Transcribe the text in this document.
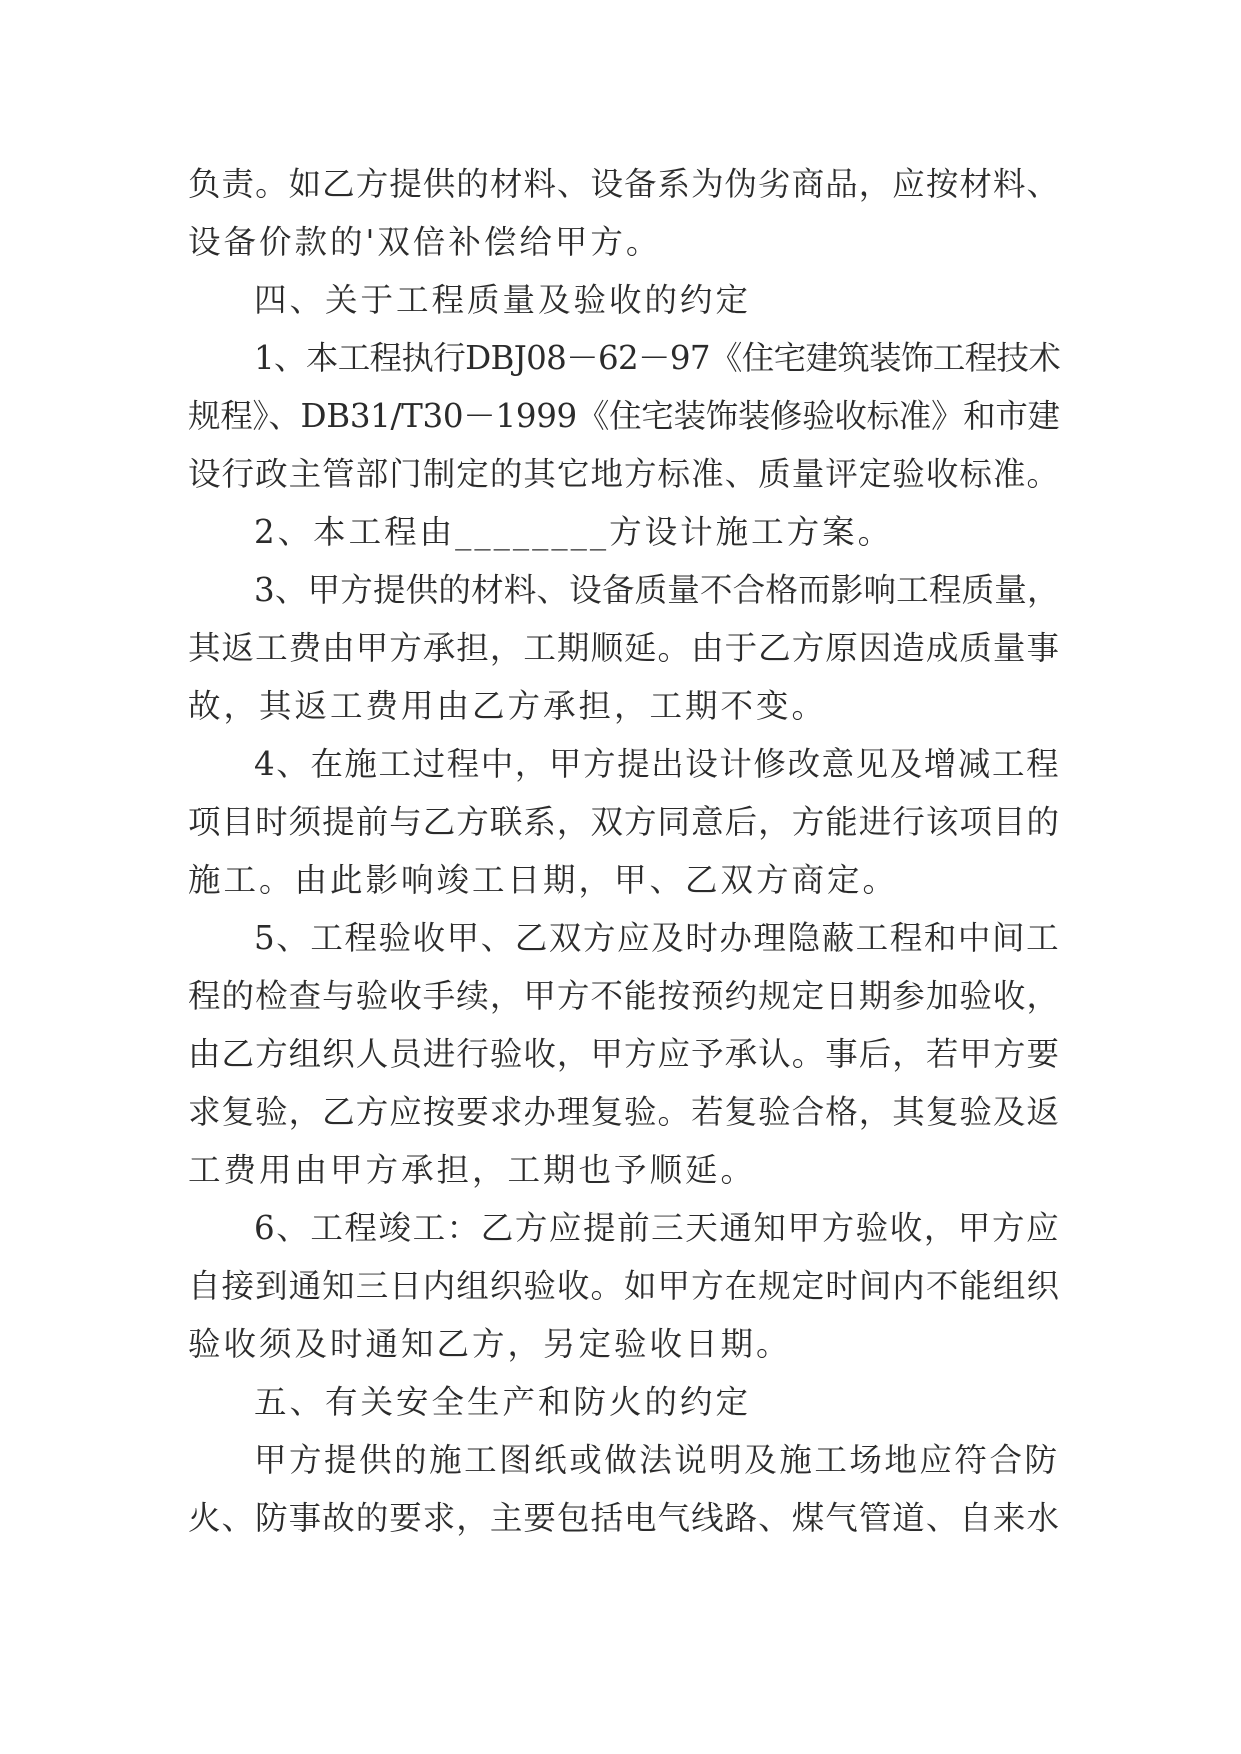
负责。如乙方提供的材料、设备系为伪劣商品，应按材料、
设备价款的'双倍补偿给甲方。
四、关于工程质量及验收的约定
1、本工程执行DBJ08－62－97《住宅建筑装饰工程技术
规程》、DB31/T30－1999《住宅装饰装修验收标准》和市建
设行政主管部门制定的其它地方标准、质量评定验收标准。
2、本工程由________方设计施工方案。
3、甲方提供的材料、设备质量不合格而影响工程质量，
其返工费由甲方承担，工期顺延。由于乙方原因造成质量事
故，其返工费用由乙方承担，工期不变。
4、在施工过程中，甲方提出设计修改意见及增减工程
项目时须提前与乙方联系，双方同意后，方能进行该项目的
施工。由此影响竣工日期，甲、乙双方商定。
5、工程验收甲、乙双方应及时办理隐蔽工程和中间工
程的检查与验收手续，甲方不能按预约规定日期参加验收，
由乙方组织人员进行验收，甲方应予承认。事后，若甲方要
求复验，乙方应按要求办理复验。若复验合格，其复验及返
工费用由甲方承担，工期也予顺延。
6、工程竣工：乙方应提前三天通知甲方验收，甲方应
自接到通知三日内组织验收。如甲方在规定时间内不能组织
验收须及时通知乙方，另定验收日期。
五、有关安全生产和防火的约定
甲方提供的施工图纸或做法说明及施工场地应符合防
火、防事故的要求，主要包括电气线路、煤气管道、自来水
